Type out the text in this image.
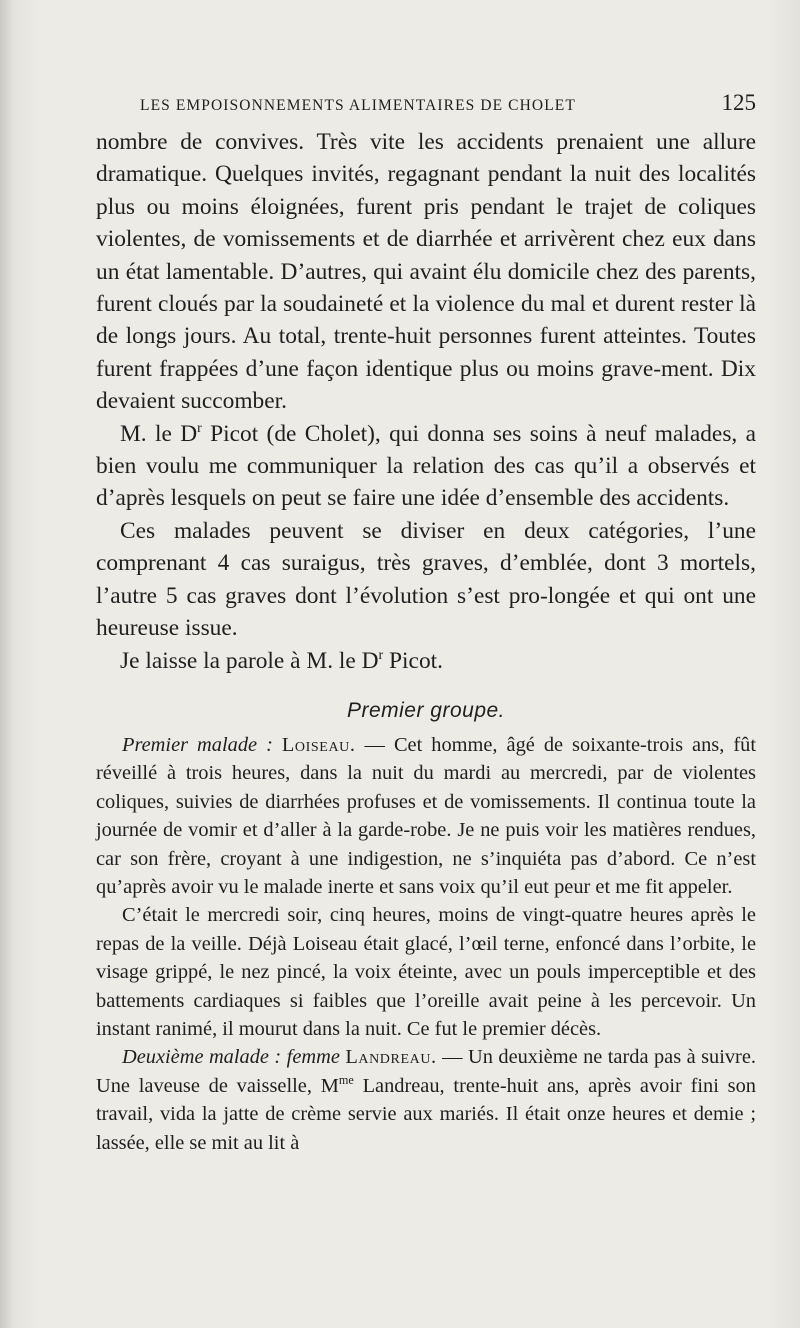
LES EMPOISONNEMENTS ALIMENTAIRES DE CHOLET	125

nombre de convives. Très vite les accidents prenaient une allure dramatique. Quelques invités, regagnant pendant la nuit des localités plus ou moins éloignées, furent pris pendant le trajet de coliques violentes, de vomissements et de diarrhée et arrivèrent chez eux dans un état lamentable. D’autres, qui avaint élu domicile chez des parents, furent cloués par la soudaineté et la violence du mal et durent rester là de longs jours. Au total, trente-huit personnes furent atteintes. Toutes furent frappées d’une façon identique plus ou moins grave-ment. Dix devaient succomber.

M. le $D^r$ Picot (de Cholet), qui donna ses soins à neuf malades, a bien voulu me communiquer la relation des cas qu’il a observés et d’après lesquels on peut se faire une idée d’ensemble des accidents.

Ces malades peuvent se diviser en deux catégories, l’une comprenant 4 cas suraigus, très graves, d’emblée, dont 3 mortels, l’autre 5 cas graves dont l’évolution s’est pro-longée et qui ont une heureuse issue.

Je laisse la parole à M. le $D^r$ Picot.

Premier groupe.

Premier malade : Loiseau. — Cet homme, âgé de soixante-trois ans, fût réveillé à trois heures, dans la nuit du mardi au mercredi, par de violentes coliques, suivies de diarrhées profuses et de vomissements. Il continua toute la journée de vomir et d’aller à la garde-robe. Je ne puis voir les matières rendues, car son frère, croyant à une indigestion, ne s’inquiéta pas d’abord. Ce n’est qu’après avoir vu le malade inerte et sans voix qu’il eut peur et me fit appeler.

C’était le mercredi soir, cinq heures, moins de vingt-quatre heures après le repas de la veille. Déjà Loiseau était glacé, l’œil terne, enfoncé dans l’orbite, le visage grippé, le nez pincé, la voix éteinte, avec un pouls imperceptible et des battements cardiaques si faibles que l’oreille avait peine à les percevoir. Un instant ranimé, il mourut dans la nuit. Ce fut le premier décès.

Deuxième malade : femme Landreau. — Un deuxième ne tarda pas à suivre. Une laveuse de vaisselle, $M^{me}$ Landreau, trente-huit ans, après avoir fini son travail, vida la jatte de crème servie aux mariés. Il était onze heures et demie ; lassée, elle se mit au lit à
